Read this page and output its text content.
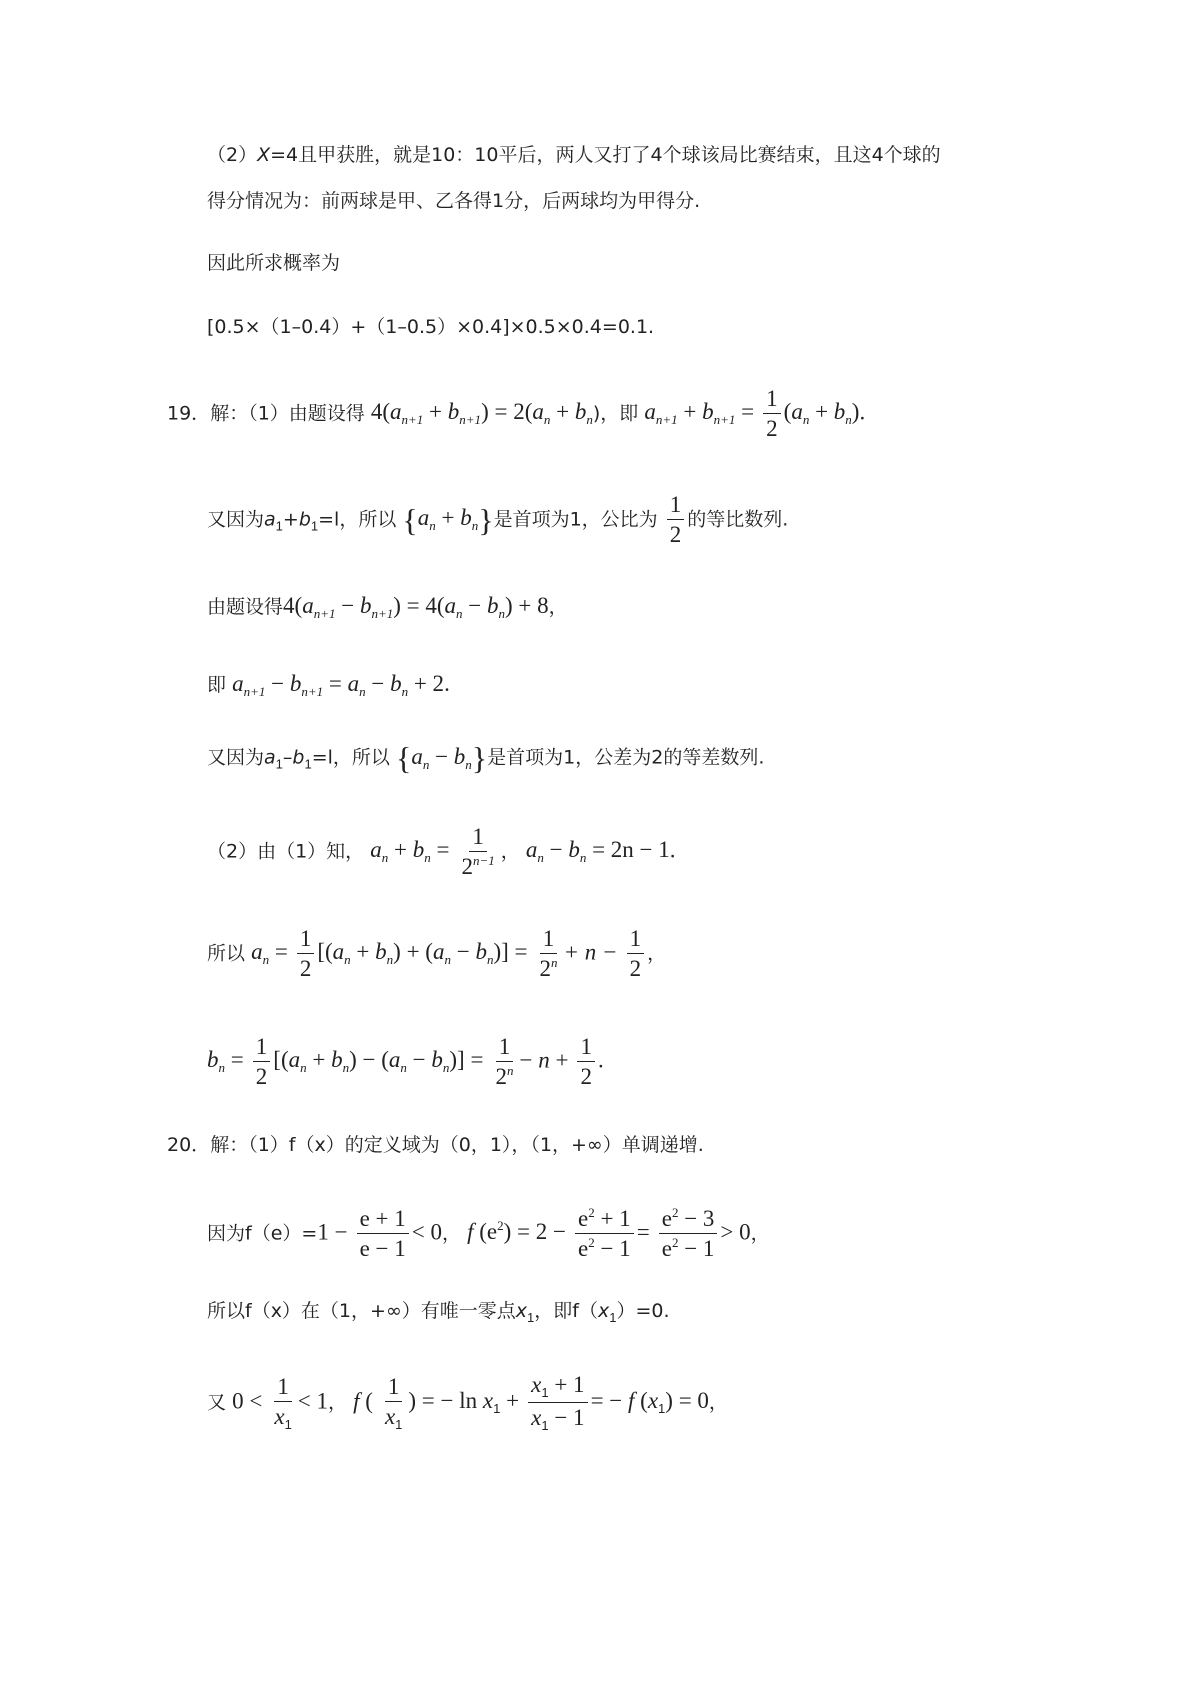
（2）X=4且甲获胜，就是10：10平后，两人又打了4个球该局比赛结束，且这4个球的
得分情况为：前两球是甲、乙各得1分，后两球均为甲得分.
因此所求概率为
[0.5×（1–0.4）+（1–0.5）×0.4]×0.5×0.4=0.1.
19．解：（1）由题设得 $4(a_{n+1} + b_{n+1}) = 2(a_n + b_n)$，即 $a_{n+1} + b_{n+1} = \frac{1}{2} (a_n + b_n)$.
又因为$a_1+b_1=l$，所以 $\{a_n + b_n\}$是首项为1，公比为 $\frac{1}{2}$ 的等比数列.
由题设得$4(a_{n+1} - b_{n+1}) = 4(a_n - b_n) + 8$，
即 $a_{n+1} - b_{n+1} = a_n - b_n + 2$.
又因为$a_1-b_1=l$，所以 $\{a_n - b_n\}$是首项为1，公差为2的等差数列.
（2）由（1）知， $a_n + b_n = \frac{1}{2^{n-1}}$ ， $a_n - b_n = 2n - 1$.
所以 $a_n = \frac{1}{2} [(a_n + b_n) + (a_n - b_n)] = \frac{1}{2^n} + n - \frac{1}{2}$ ，
$b_n = \frac{1}{2} [(a_n + b_n) - (a_n - b_n)] = \frac{1}{2^n} - n + \frac{1}{2}$ .
20．解：（1）f（x）的定义域为（0，1），（1，+∞）单调递增.
因为$f(e)=1 - \frac{e + 1}{e - 1} < 0$， f $(e^2) = 2 - \frac{e^2 + 1}{e^2 - 1} = \frac{e^2 - 3}{e^2 - 1} > 0$，
所以f（x）在（1，+∞）有唯一零点$x_1$，即$f(x_1)=0$.
又 $0 < \frac{1}{x_1} < 1$， f ( $\frac{1}{x_1}$ ) = − $\ln x_1 + \frac{x_1 + 1}{x_1 - 1}$ = − f $(x_1) = 0$，
